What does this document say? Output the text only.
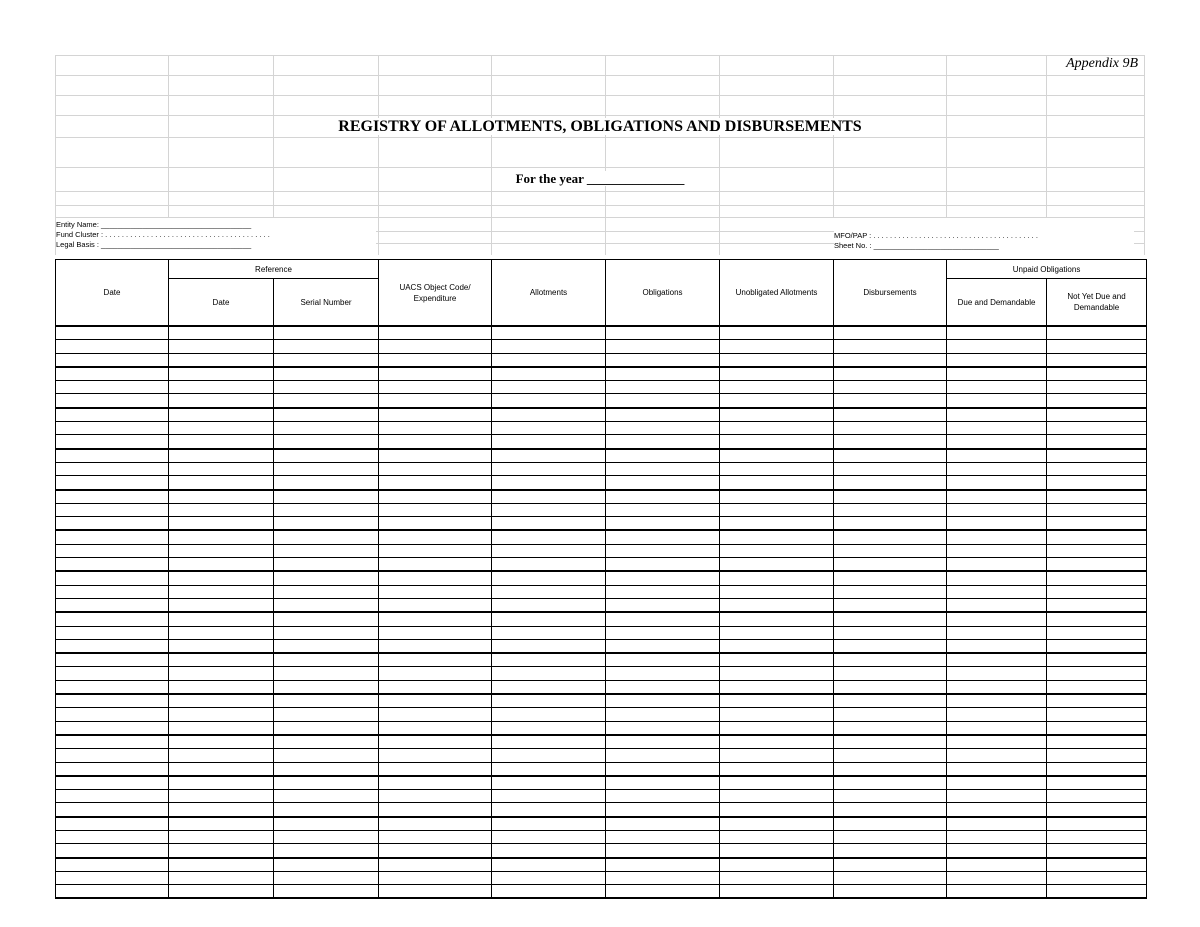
Appendix 9B
REGISTRY OF ALLOTMENTS, OBLIGATIONS AND DISBURSEMENTS
For the year _______________
Entity Name: ____________________________________
Fund Cluster : . . . . . . . . . . . . . . . . . . . . . . . . . . . . . . . . . . . . . . . .
Legal Basis : ____________________________________
MFO/PAP : . . . . . . . . . . . . . . . . . . . . . . . . . . . . . . . . . . . . . . . .
Sheet No. : ______________________________
Date	Reference		UACS Object Code/ Expenditure	Allotments	Obligations	Unobligated Allotments	Disbursements	Unpaid Obligations	
	Date	Serial Number						Due and Demandable	Not Yet Due and Demandable
